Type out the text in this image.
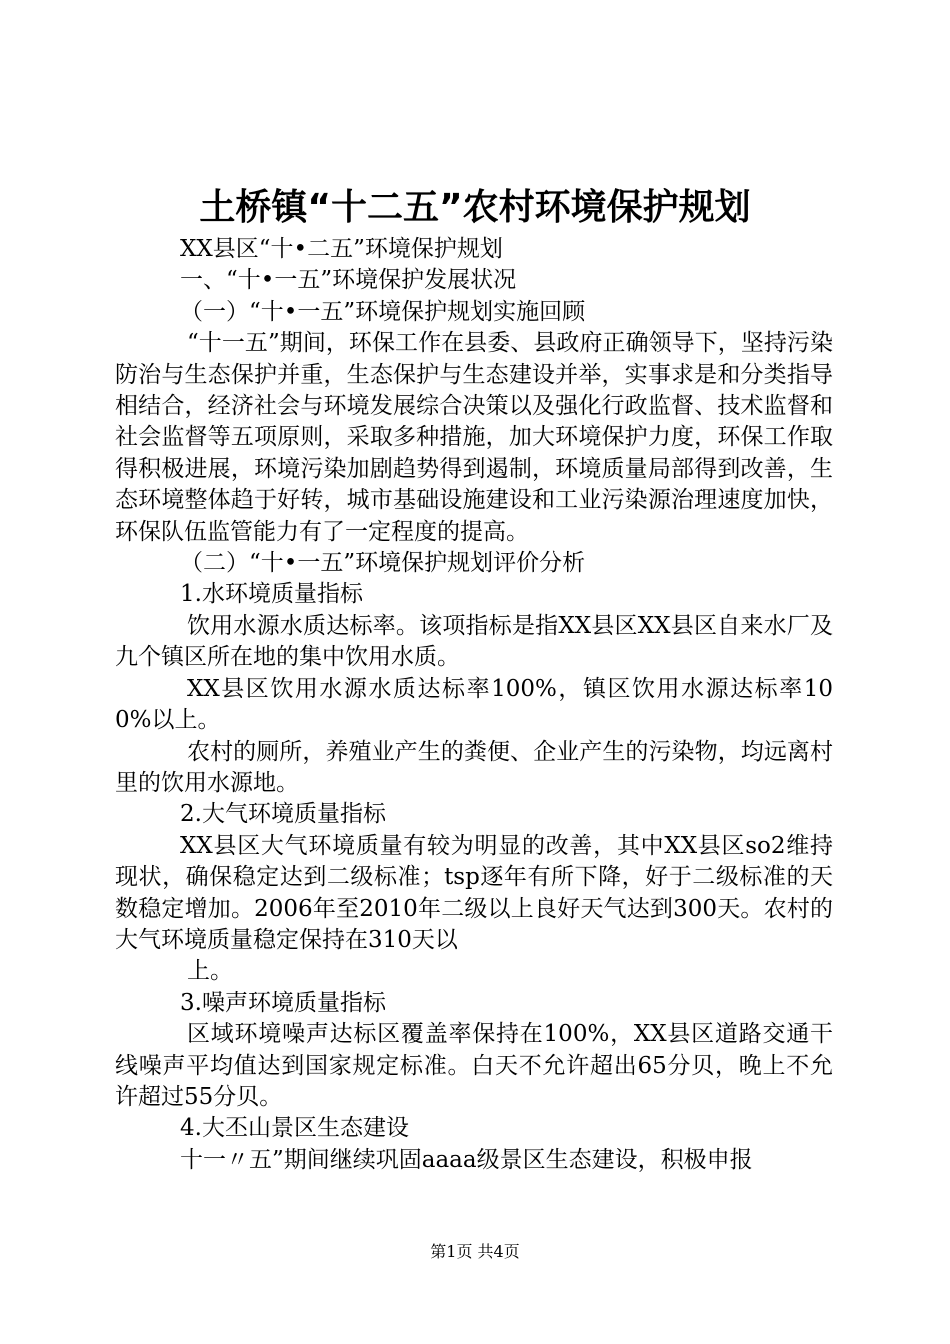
土桥镇“十二五”农村环境保护规划

XX县区“十•二五”环境保护规划

一、“十•一五”环境保护发展状况

（一）“十•一五”环境保护规划实施回顾

“十一五”期间，环保工作在县委、县政府正确领导下，坚持污染防治与生态保护并重，生态保护与生态建设并举，实事求是和分类指导相结合，经济社会与环境发展综合决策以及强化行政监督、技术监督和社会监督等五项原则，采取多种措施，加大环境保护力度，环保工作取得积极进展，环境污染加剧趋势得到遏制，环境质量局部得到改善，生态环境整体趋于好转，城市基础设施建设和工业污染源治理速度加快，环保队伍监管能力有了一定程度的提高。

（二）“十•一五”环境保护规划评价分析

1.水环境质量指标

饮用水源水质达标率。该项指标是指XX县区XX县区自来水厂及九个镇区所在地的集中饮用水质。

XX县区饮用水源水质达标率100%，镇区饮用水源达标率100%以上。

农村的厕所，养殖业产生的粪便、企业产生的污染物，均远离村里的饮用水源地。

2.大气环境质量指标

XX县区大气环境质量有较为明显的改善，其中XX县区so2维持现状，确保稳定达到二级标准；tsp逐年有所下降，好于二级标准的天数稳定增加。2006年至2010年二级以上良好天气达到300天。农村的大气环境质量稳定保持在310天以

上。

3.噪声环境质量指标

区域环境噪声达标区覆盖率保持在100%，XX县区道路交通干线噪声平均值达到国家规定标准。白天不允许超出65分贝，晚上不允许超过55分贝。

4.大丕山景区生态建设

十一〃五”期间继续巩固aaaa级景区生态建设，积极申报

第1页 共4页
